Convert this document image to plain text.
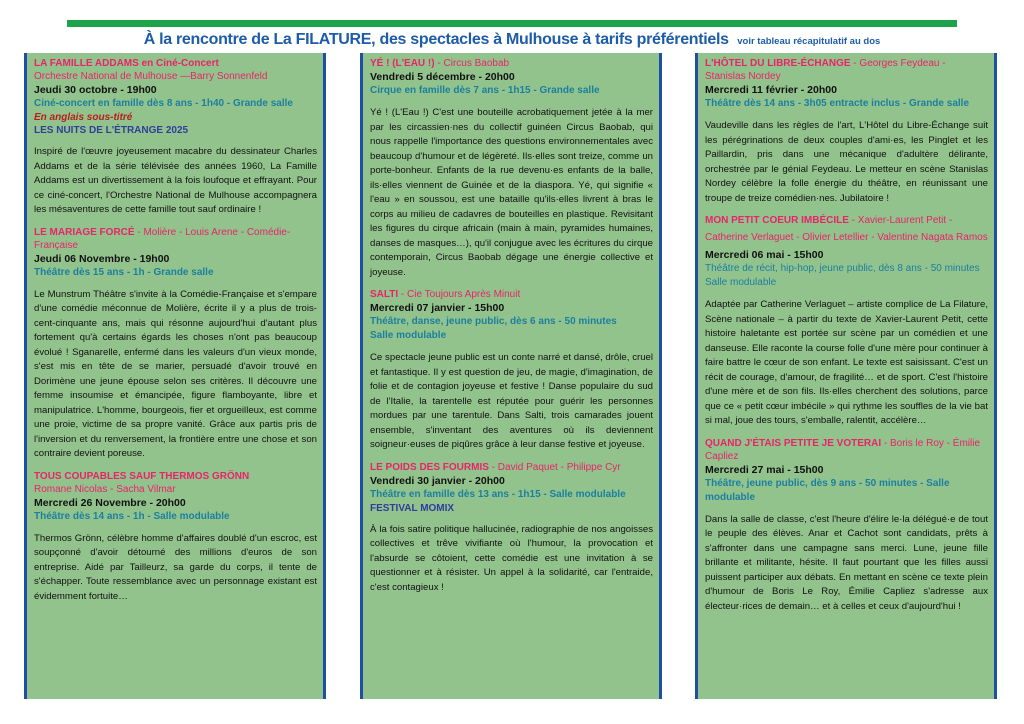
À la rencontre de La FILATURE, des spectacles à Mulhouse à tarifs préférentiels voir tableau récapitulatif au dos
LA FAMILLE ADDAMS en Ciné-Concert
Orchestre National de Mulhouse —Barry Sonnenfeld
Jeudi 30 octobre - 19h00
Ciné-concert en famille dès 8 ans - 1h40 - Grande salle
En anglais sous-titré
LES NUITS DE L'ÉTRANGE 2025
Inspiré de l'œuvre joyeusement macabre du dessinateur Charles Addams et de la série télévisée des années 1960, La Famille Addams est un divertissement à la fois loufoque et effrayant. Pour ce ciné-concert, l'Orchestre National de Mulhouse accompagnera les mésaventures de cette famille tout sauf ordinaire !
LE MARIAGE FORCÉ - Molière - Louis Arene - Comédie-Française
Jeudi 06 Novembre - 19h00
Théâtre dès 15 ans - 1h - Grande salle
Le Munstrum Théâtre s'invite à la Comédie-Française et s'empare d'une comédie méconnue de Molière, écrite il y a plus de trois-cent-cinquante ans, mais qui résonne aujourd'hui d'autant plus fortement qu'à certains égards les choses n'ont pas beaucoup évolué ! Sganarelle, enfermé dans les valeurs d'un vieux monde, s'est mis en tête de se marier, persuadé d'avoir trouvé en Dorimène une jeune épouse selon ses critères. Il découvre une femme insoumise et émancipée, figure flamboyante, libre et manipulatrice. L'homme, bourgeois, fier et orgueilleux, est comme une proie, victime de sa propre vanité. Grâce aux partis pris de l'inversion et du renversement, la frontière entre une chose et son contraire devient poreuse.
TOUS COUPABLES SAUF THERMOS GRÖNN
Romane Nicolas - Sacha Vilmar
Mercredi 26 Novembre - 20h00
Théâtre dès 14 ans - 1h - Salle modulable
Thermos Grönn, célèbre homme d'affaires doublé d'un escroc, est soupçonné d'avoir détourné des millions d'euros de son entreprise. Aidé par Tailleurz, sa garde du corps, il tente de s'échapper. Toute ressemblance avec un personnage existant est évidemment fortuite…
YÉ ! (L'EAU !) - Circus Baobab
Vendredi 5 décembre - 20h00
Cirque en famille dès 7 ans - 1h15 - Grande salle
Yé ! (L'Eau !) C'est une bouteille acrobatiquement jetée à la mer par les circassien·nes du collectif guinéen Circus Baobab, qui nous rappelle l'importance des questions environnementales avec beaucoup d'humour et de légèreté. Ils·elles sont treize, comme un porte-bonheur. Enfants de la rue devenu·es enfants de la balle, ils·elles viennent de Guinée et de la diaspora. Yé, qui signifie « l'eau » en soussou, est une bataille qu'ils·elles livrent à bras le corps au milieu de cadavres de bouteilles en plastique. Revisitant les figures du cirque africain (main à main, pyramides humaines, danses de masques…), qu'il conjugue avec les écritures du cirque contemporain, Circus Baobab dégage une énergie collective et joyeuse.
SALTI - Cie Toujours Après Minuit
Mercredi 07 janvier - 15h00
Théâtre, danse, jeune public, dès 6 ans - 50 minutes
Salle modulable
Ce spectacle jeune public est un conte narré et dansé, drôle, cruel et fantastique. Il y est question de jeu, de magie, d'imagination, de folie et de contagion joyeuse et festive ! Danse populaire du sud de l'Italie, la tarentelle est réputée pour guérir les personnes mordues par une tarentule. Dans Salti, trois camarades jouent ensemble, s'inventant des aventures où ils deviennent soigneur·euses de piqûres grâce à leur danse festive et joyeuse.
LE POIDS DES FOURMIS - David Paquet - Philippe Cyr
Vendredi 30 janvier - 20h00
Théâtre en famille dès 13 ans - 1h15 - Salle modulable
FESTIVAL MOMIX
À la fois satire politique hallucinée, radiographie de nos angoisses collectives et trêve vivifiante où l'humour, la provocation et l'absurde se côtoient, cette comédie est une invitation à se questionner et à résister. Un appel à la solidarité, car l'entraide, c'est contagieux !
L'HÔTEL DU LIBRE-ÉCHANGE - Georges Feydeau - Stanislas Nordey
Mercredi 11 février - 20h00
Théâtre dès 14 ans - 3h05 entracte inclus - Grande salle
Vaudeville dans les règles de l'art, L'Hôtel du Libre-Échange suit les pérégrinations de deux couples d'ami·es, les Pinglet et les Paillardin, pris dans une mécanique d'adultère délirante, orchestrée par le génial Feydeau. Le metteur en scène Stanislas Nordey célèbre la folle énergie du théâtre, en réunissant une troupe de treize comédien·nes. Jubilatoire !
MON PETIT COEUR IMBÉCILE - Xavier-Laurent Petit -
Catherine Verlaguet - Olivier Letellier - Valentine Nagata Ramos
Mercredi 06 mai - 15h00
Théâtre de récit, hip-hop, jeune public, dès 8 ans - 50 minutes
Salle modulable
Adaptée par Catherine Verlaguet – artiste complice de La Filature, Scène nationale – à partir du texte de Xavier-Laurent Petit, cette histoire haletante est portée sur scène par un comédien et une danseuse. Elle raconte la course folle d'une mère pour continuer à faire battre le cœur de son enfant. Le texte est saisissant. C'est un récit de courage, d'amour, de fragilité… et de sport. C'est l'histoire d'une mère et de son fils. Ils·elles cherchent des solutions, parce que ce « petit cœur imbécile » qui rythme les souffles de la vie bat si mal, joue des tours, s'emballe, ralentit, accélère…
QUAND J'ÉTAIS PETITE JE VOTERAI - Boris le Roy - Émilie Capliez
Mercredi 27 mai - 15h00
Théâtre, jeune public, dès 9 ans - 50 minutes - Salle modulable
Dans la salle de classe, c'est l'heure d'élire le·la délégué·e de tout le peuple des élèves. Anar et Cachot sont candidats, prêts à s'affronter dans une campagne sans merci. Lune, jeune fille brillante et militante, hésite. Il faut pourtant que les filles aussi puissent participer aux débats. En mettant en scène ce texte plein d'humour de Boris Le Roy, Émilie Capliez s'adresse aux électeur·rices de demain… et à celles et ceux d'aujourd'hui !
